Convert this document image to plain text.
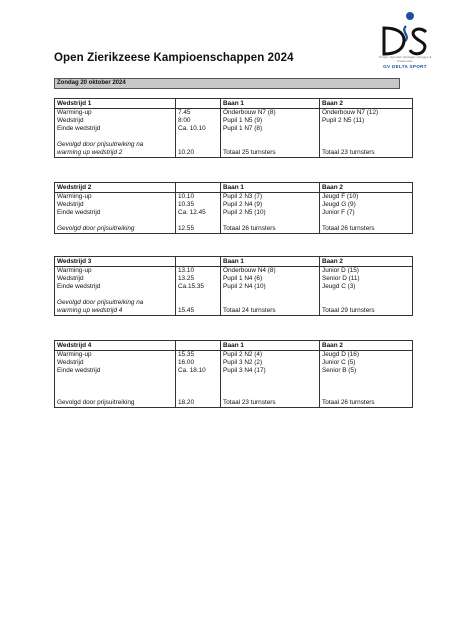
Open Zierikzeese Kampioenschappen 2024	Turnen, Gymnast, Springen, Acrogym & Freerunnen
GV DELTA SPORT
Zondag 20 oktober 2024
Wedstrijd 1		Baan 1	Baan 2
Warming-up	7.45	Onderbouw N7 (8)	Onderbouw N7 (12)
Wedstrijd	8:00	Pupil 1 N5 (9)	Pupil 2 N5 (11)
Einde wedstrijd	Ca. 10.10	Pupil 1 N7 (8)	

Gevolgd door prijsuitreiking na			
warming up wedstrijd 2	10.20	Totaal 25 turnsters	Totaal 23 turnsters
Wedstrijd 2		Baan 1	Baan 2
Warming-up	10.10	Pupil 2 N3 (7)	Jeugd F (10)
Wedstrijd	10.35	Pupil 2 N4 (9)	Jeugd G (9)
Einde wedstrijd	Ca. 12.45	Pupil 2 N5 (10)	Junior F (7)

Gevolgd door prijsuitreiking	12.55	Totaal 26 turnsters	Totaal 26 turnsters
Wedstrijd 3		Baan 1	Baan 2
Warming-up	13.10	Onderbouw N4 (8)	Junior D (15)
Wedstrijd	13.25	Pupil 1 N4 (6)	Senior D (11)
Einde wedstrijd	Ca.15.35	Pupil 2 N4 (10)	Jeugd C (3)

Gevolgd door prijsuitreiking na			
warming up wedstrijd 4	15.45	Totaal 24 turnsters	Totaal 29 turnsters
Wedstrijd 4		Baan 1	Baan 2
Warming-up	15.35	Pupil 2 N2 (4)	Jeugd D (16)
Wedstrijd	16.00	Pupil 3 N2 (2)	Junior C (5)
Einde wedstrijd	Ca. 18.10	Pupil 3 N4 (17)	Senior B (5)

Gevolgd door prijsuitreiking	18.20	Totaal 23 turnsters	Totaal 26 turnsters
